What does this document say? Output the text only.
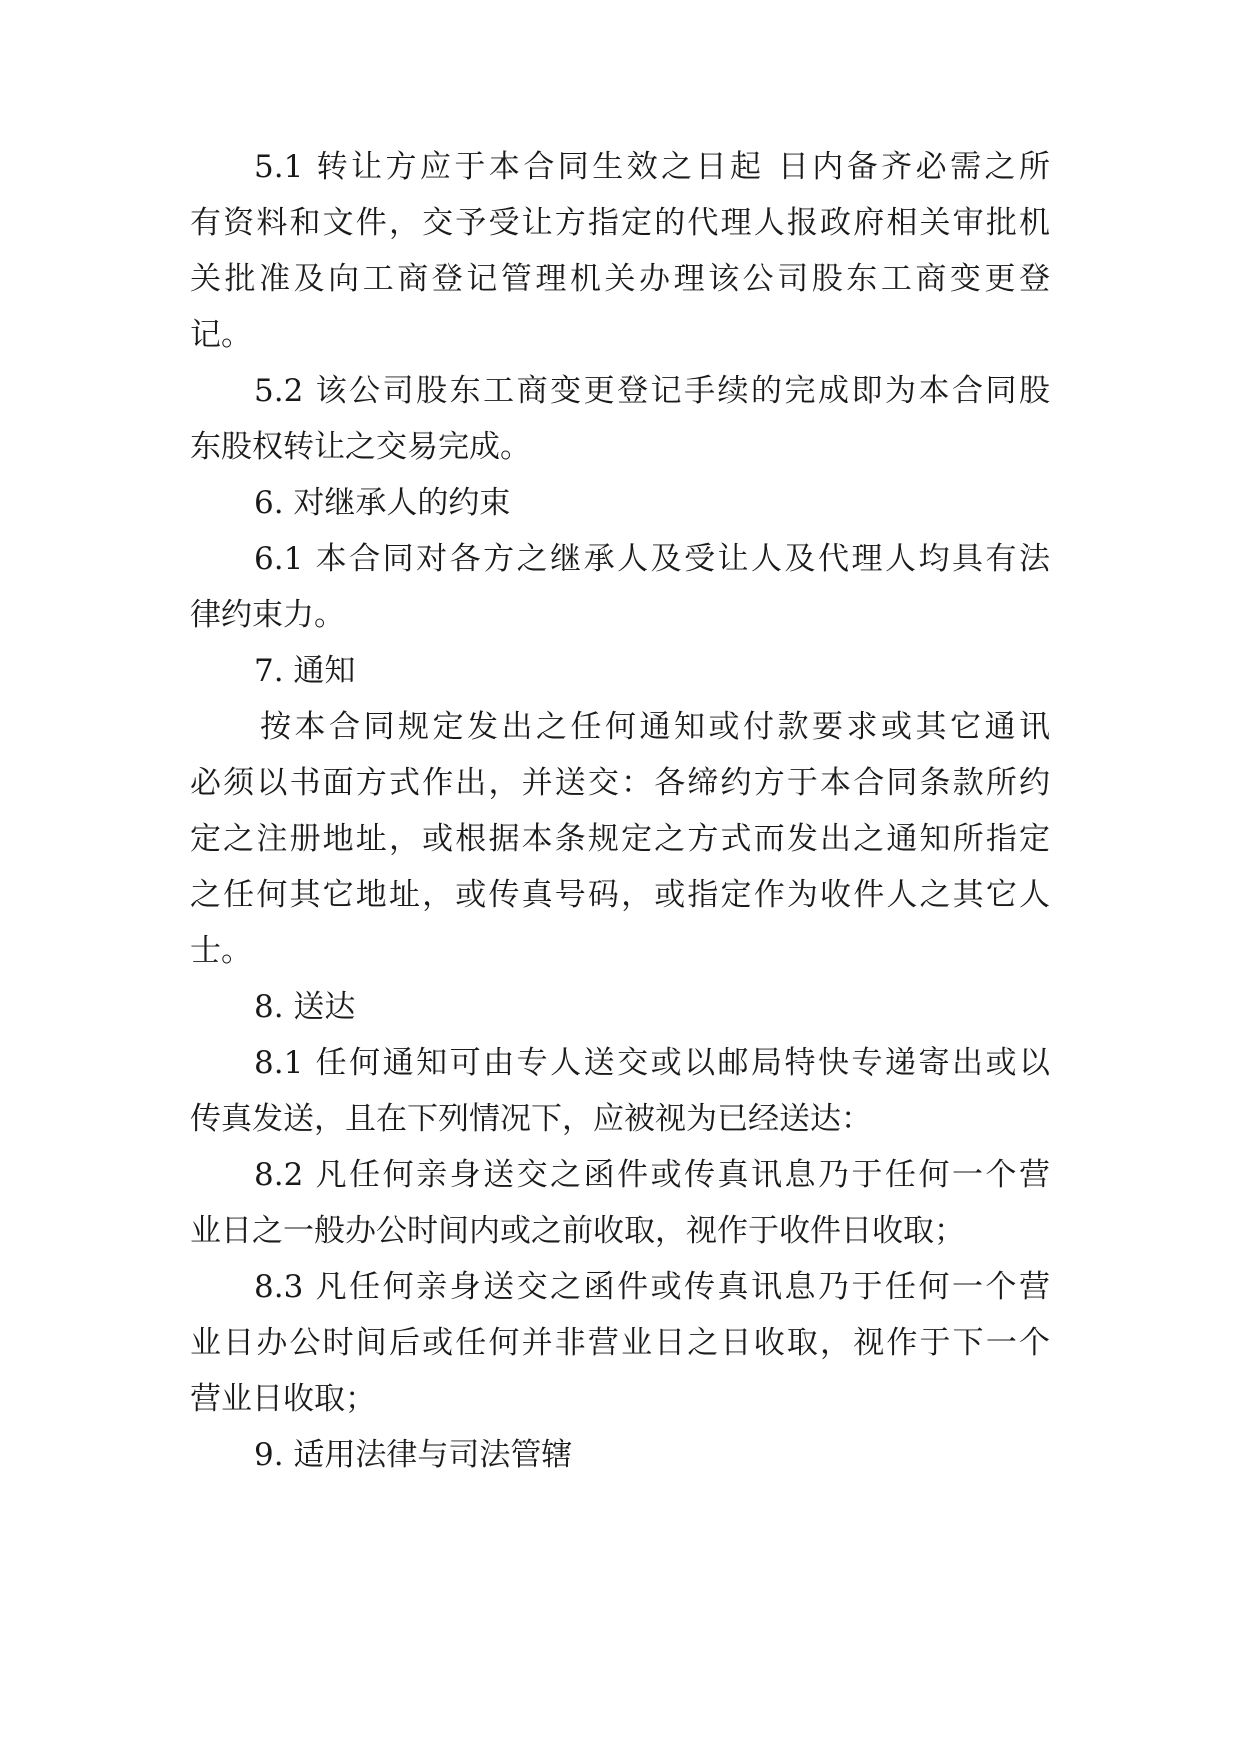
5.1 转让方应于本合同生效之日起 日内备齐必需之所
有资料和文件，交予受让方指定的代理人报政府相关审批机
关批准及向工商登记管理机关办理该公司股东工商变更登
记。
5.2 该公司股东工商变更登记手续的完成即为本合同股
东股权转让之交易完成。
6. 对继承人的约束
6.1 本合同对各方之继承人及受让人及代理人均具有法
律约束力。
7. 通知
按本合同规定发出之任何通知或付款要求或其它通讯
必须以书面方式作出，并送交：各缔约方于本合同条款所约
定之注册地址，或根据本条规定之方式而发出之通知所指定
之任何其它地址，或传真号码，或指定作为收件人之其它人
士。
8. 送达
8.1 任何通知可由专人送交或以邮局特快专递寄出或以
传真发送，且在下列情况下，应被视为已经送达：
8.2 凡任何亲身送交之函件或传真讯息乃于任何一个营
业日之一般办公时间内或之前收取，视作于收件日收取；
8.3 凡任何亲身送交之函件或传真讯息乃于任何一个营
业日办公时间后或任何并非营业日之日收取，视作于下一个
营业日收取；
9. 适用法律与司法管辖
